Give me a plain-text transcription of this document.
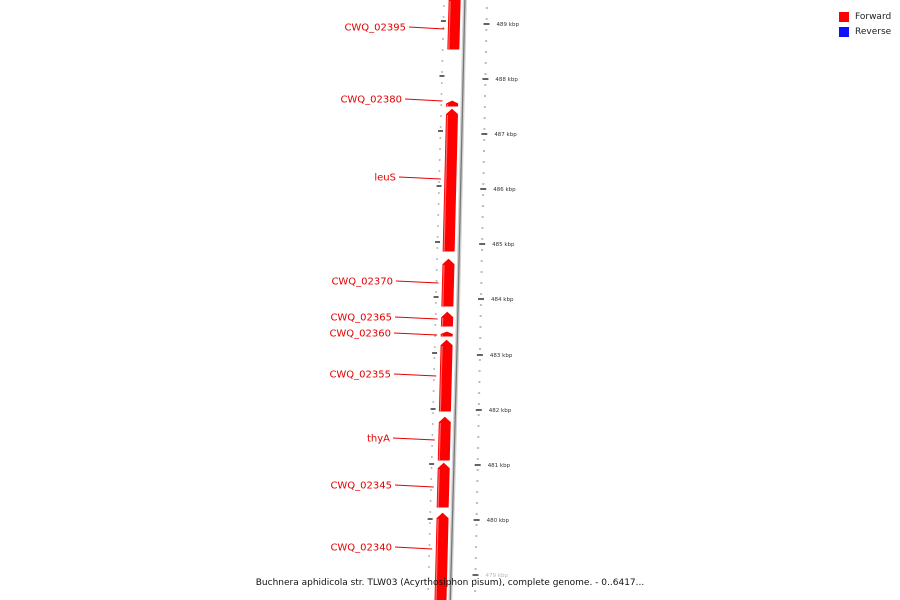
489 kbp
488 kbp
487 kbp
486 kbp
485 kbp
484 kbp
483 kbp
482 kbp
481 kbp
480 kbp
479 kbp
CWQ_02395
CWQ_02380
leuS
CWQ_02370
CWQ_02365
CWQ_02360
CWQ_02355
thyA
CWQ_02345
CWQ_02340
Forward
Reverse
Buchnera aphidicola str. TLW03 (Acyrthosiphon pisum), complete genome. - 0..6417...
